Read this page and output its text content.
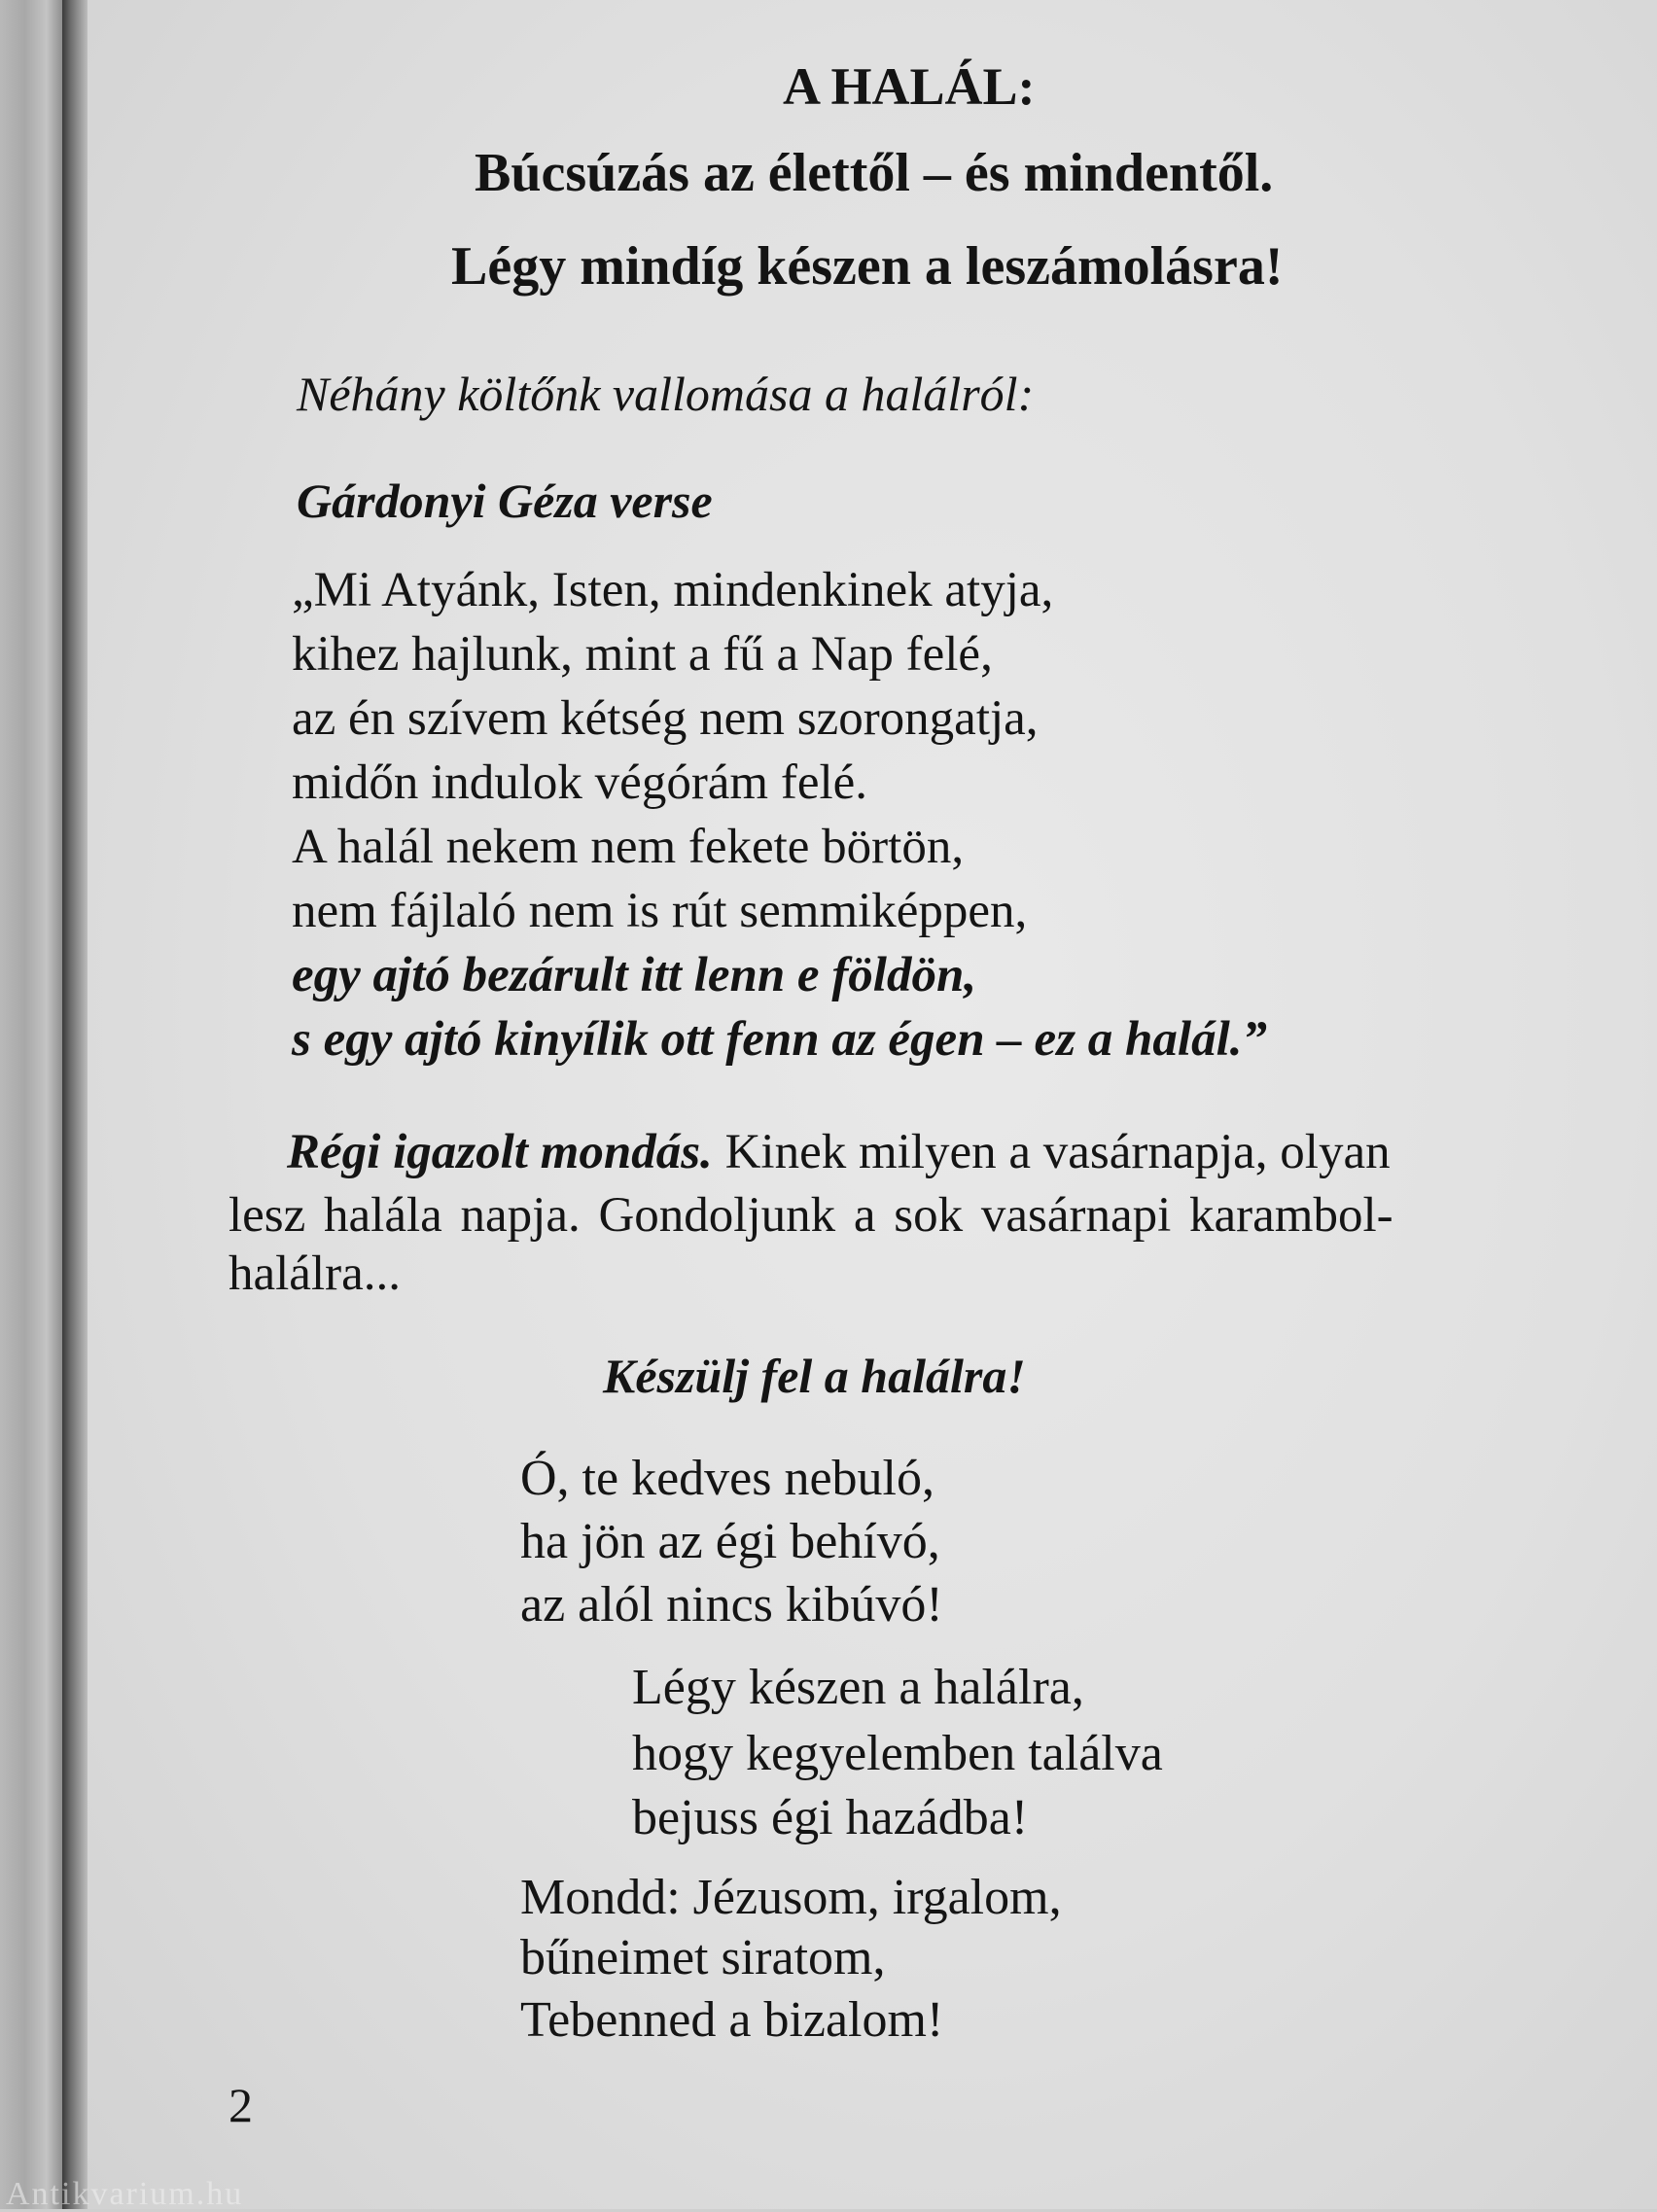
A HALÁL:
Búcsúzás az élettől – és mindentől.
Légy mindíg készen a leszámolásra!
Néhány költőnk vallomása a halálról:
Gárdonyi Géza verse
„Mi Atyánk, Isten, mindenkinek atyja,
kihez hajlunk, mint a fű a Nap felé,
az én szívem kétség nem szorongatja,
midőn indulok végórám felé.
A halál nekem nem fekete börtön,
nem fájlaló nem is rút semmiképpen,
egy ajtó bezárult itt lenn e földön,
s egy ajtó kinyílik ott fenn az égen – ez a halál.”
Régi igazolt mondás. Kinek milyen a vasárnapja, olyan
lesz halála napja. Gondoljunk a sok vasárnapi karambol-
halálra...
Készülj fel a halálra!
Ó, te kedves nebuló,
ha jön az égi behívó,
az alól nincs kibúvó!
Légy készen a halálra,
hogy kegyelemben találva
bejuss égi hazádba!
Mondd: Jézusom, irgalom,
bűneimet siratom,
Tebenned a bizalom!
2
Antikvarium.hu
